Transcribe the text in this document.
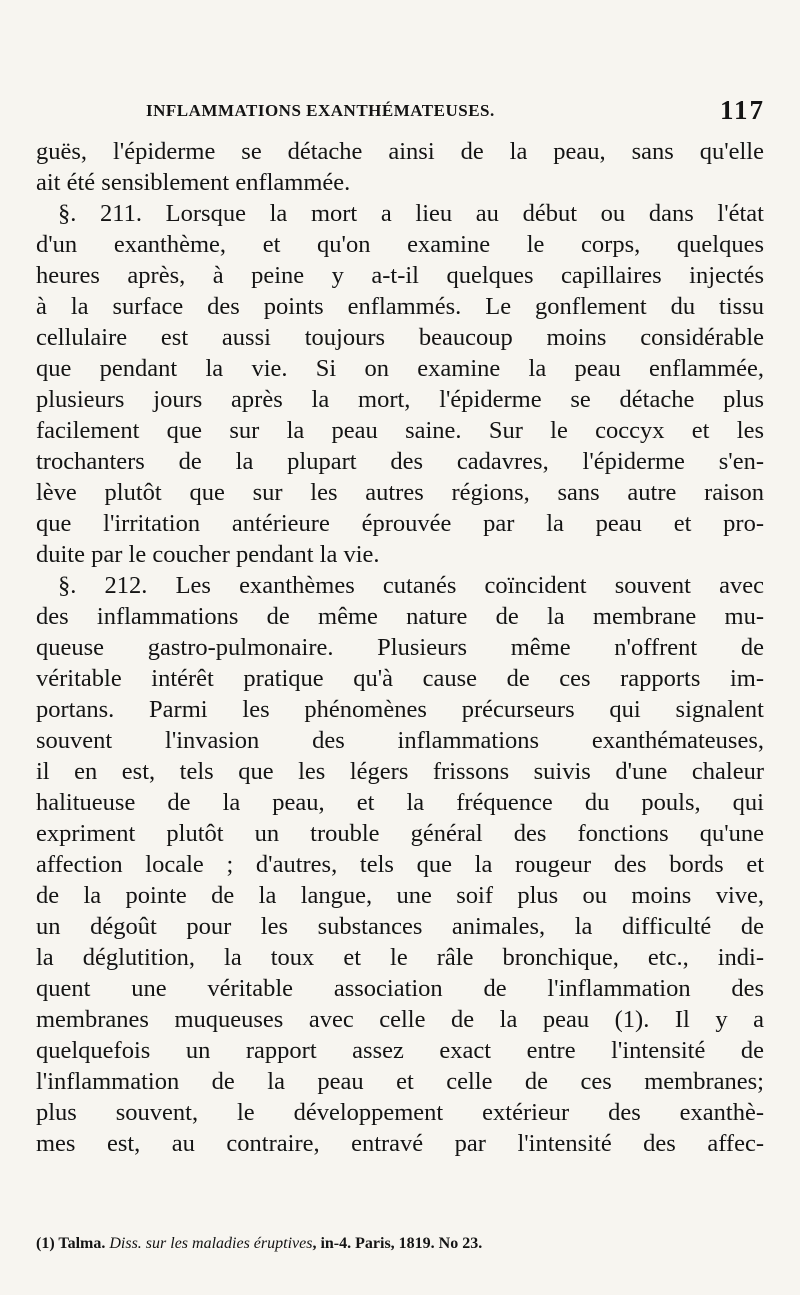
INFLAMMATIONS EXANTHÉMATEUSES.	117
guës, l'épiderme se détache ainsi de la peau, sans qu'elle
ait été sensiblement enflammée.
§. 211. Lorsque la mort a lieu au début ou dans l'état
d'un exanthème, et qu'on examine le corps, quelques
heures après, à peine y a-t-il quelques capillaires injectés
à la surface des points enflammés. Le gonflement du tissu
cellulaire est aussi toujours beaucoup moins considérable
que pendant la vie. Si on examine la peau enflammée,
plusieurs jours après la mort, l'épiderme se détache plus
facilement que sur la peau saine. Sur le coccyx et les
trochanters de la plupart des cadavres, l'épiderme s'en-
lève plutôt que sur les autres régions, sans autre raison
que l'irritation antérieure éprouvée par la peau et pro-
duite par le coucher pendant la vie.
§. 212. Les exanthèmes cutanés coïncident souvent avec
des inflammations de même nature de la membrane mu-
queuse gastro-pulmonaire. Plusieurs même n'offrent de
véritable intérêt pratique qu'à cause de ces rapports im-
portans. Parmi les phénomènes précurseurs qui signalent
souvent l'invasion des inflammations exanthémateuses,
il en est, tels que les légers frissons suivis d'une chaleur
halitueuse de la peau, et la fréquence du pouls, qui
expriment plutôt un trouble général des fonctions qu'une
affection locale ; d'autres, tels que la rougeur des bords et
de la pointe de la langue, une soif plus ou moins vive,
un dégoût pour les substances animales, la difficulté de
la déglutition, la toux et le râle bronchique, etc., indi-
quent une véritable association de l'inflammation des
membranes muqueuses avec celle de la peau (1). Il y a
quelquefois un rapport assez exact entre l'intensité de
l'inflammation de la peau et celle de ces membranes;
plus souvent, le développement extérieur des exanthè-
mes est, au contraire, entravé par l'intensité des affec-
(1) Talma. Diss. sur les maladies éruptives, in-4. Paris, 1819. No 23.
